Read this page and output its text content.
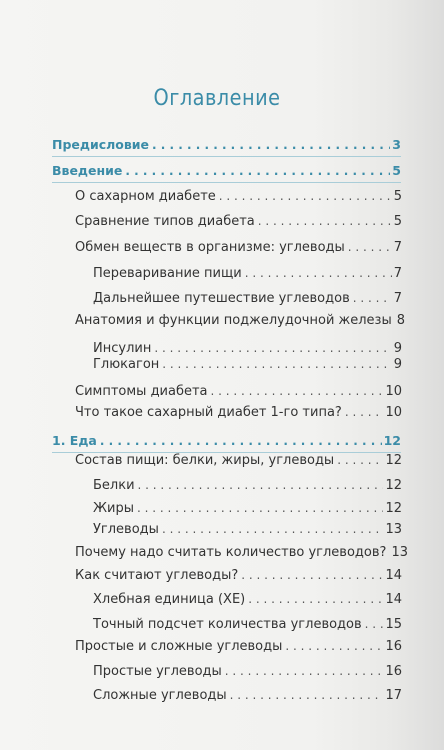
Оглавление
Предисловие . . .	3
Введение . . .	5
О сахарном диабете . . .	5
Сравнение типов диабета . . .	5
Обмен веществ в организме: углеводы . . .	7
Переваривание пищи . . .	7
Дальнейшее путешествие углеводов . . .	7
Анатомия и функции поджелудочной железы 8
Инсулин . . .	9
Глюкагон . . .	9
Симптомы диабета . . .	10
Что такое сахарный диабет 1-го типа? . . .	10
1. Еда . . .	12
Состав пищи: белки, жиры, углеводы . . .	12
Белки . . .	12
Жиры . . .	12
Углеводы . . .	13
Почему надо считать количество углеводов? 13
Как считают углеводы? . . .	14
Хлебная единица (ХЕ) . . .	14
Точный подсчет количества углеводов . . . 15
Простые и сложные углеводы . . .	16
Простые углеводы . . .	16
Сложные углеводы . . .	17
